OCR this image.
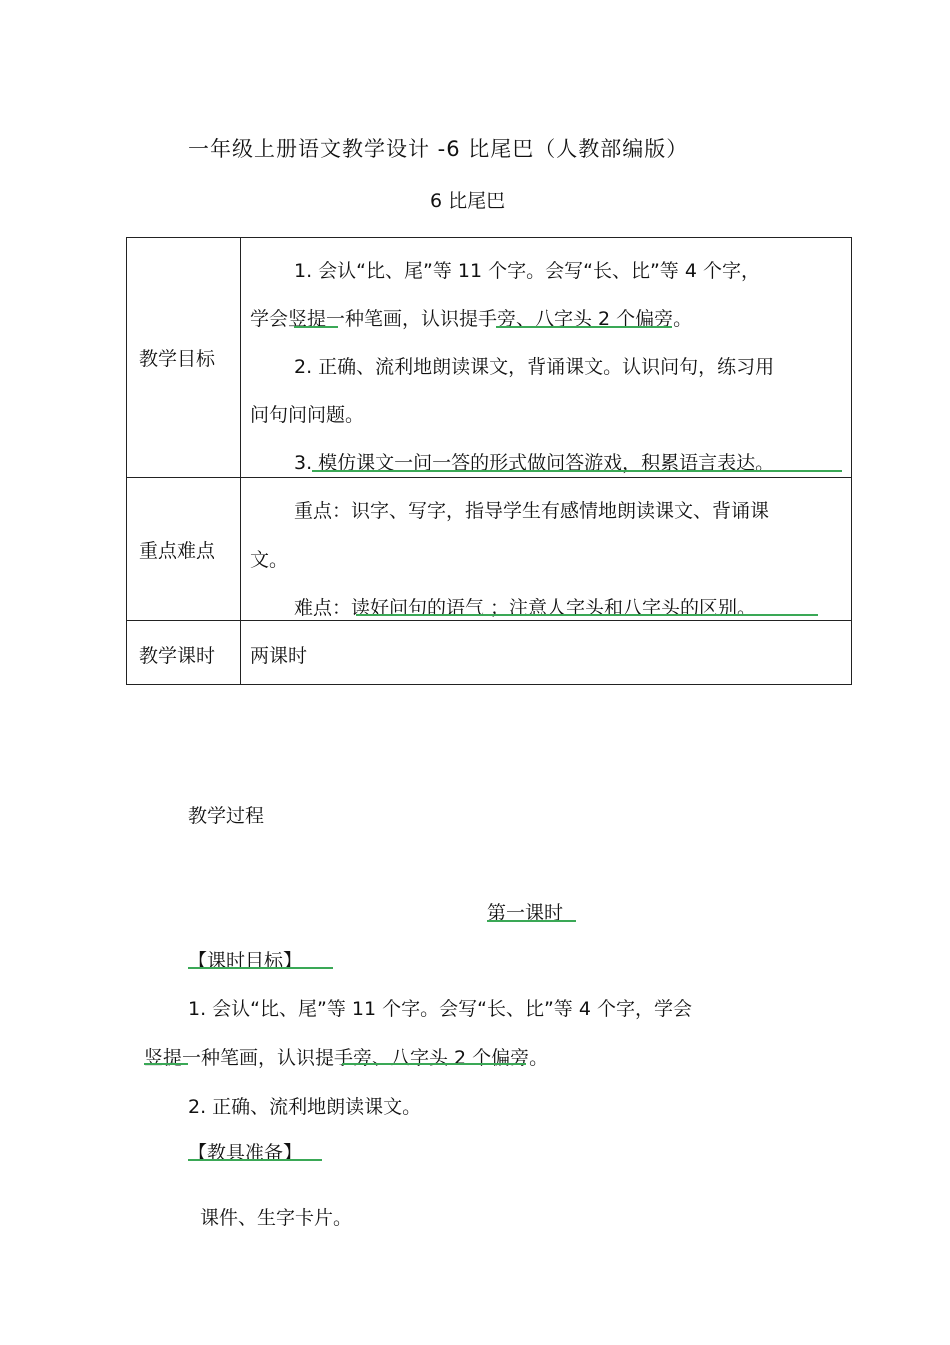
一年级上册语文教学设计 -6 比尾巴（人教部编版）
6 比尾巴
教学目标
1. 会认“比、尾”等 11 个字。会写“长、比”等 4 个字，
学会竖提一种笔画，认识提手旁、八字头 2 个偏旁。
2. 正确、流利地朗读课文，背诵课文。认识问句，练习用
问句问问题。
3. 模仿课文一问一答的形式做问答游戏，积累语言表达。
重点难点
重点：识字、写字，指导学生有感情地朗读课文、背诵课
文。
难点：读好问句的语气 ；注意人字头和八字头的区别。
教学课时 两课时
教学过程
第一课时
【课时目标】
1. 会认“比、尾”等 11 个字。会写“长、比”等 4 个字，学会
竖提一种笔画，认识提手旁、八字头 2 个偏旁。
2. 正确、流利地朗读课文。
【教具准备】
课件、生字卡片。
